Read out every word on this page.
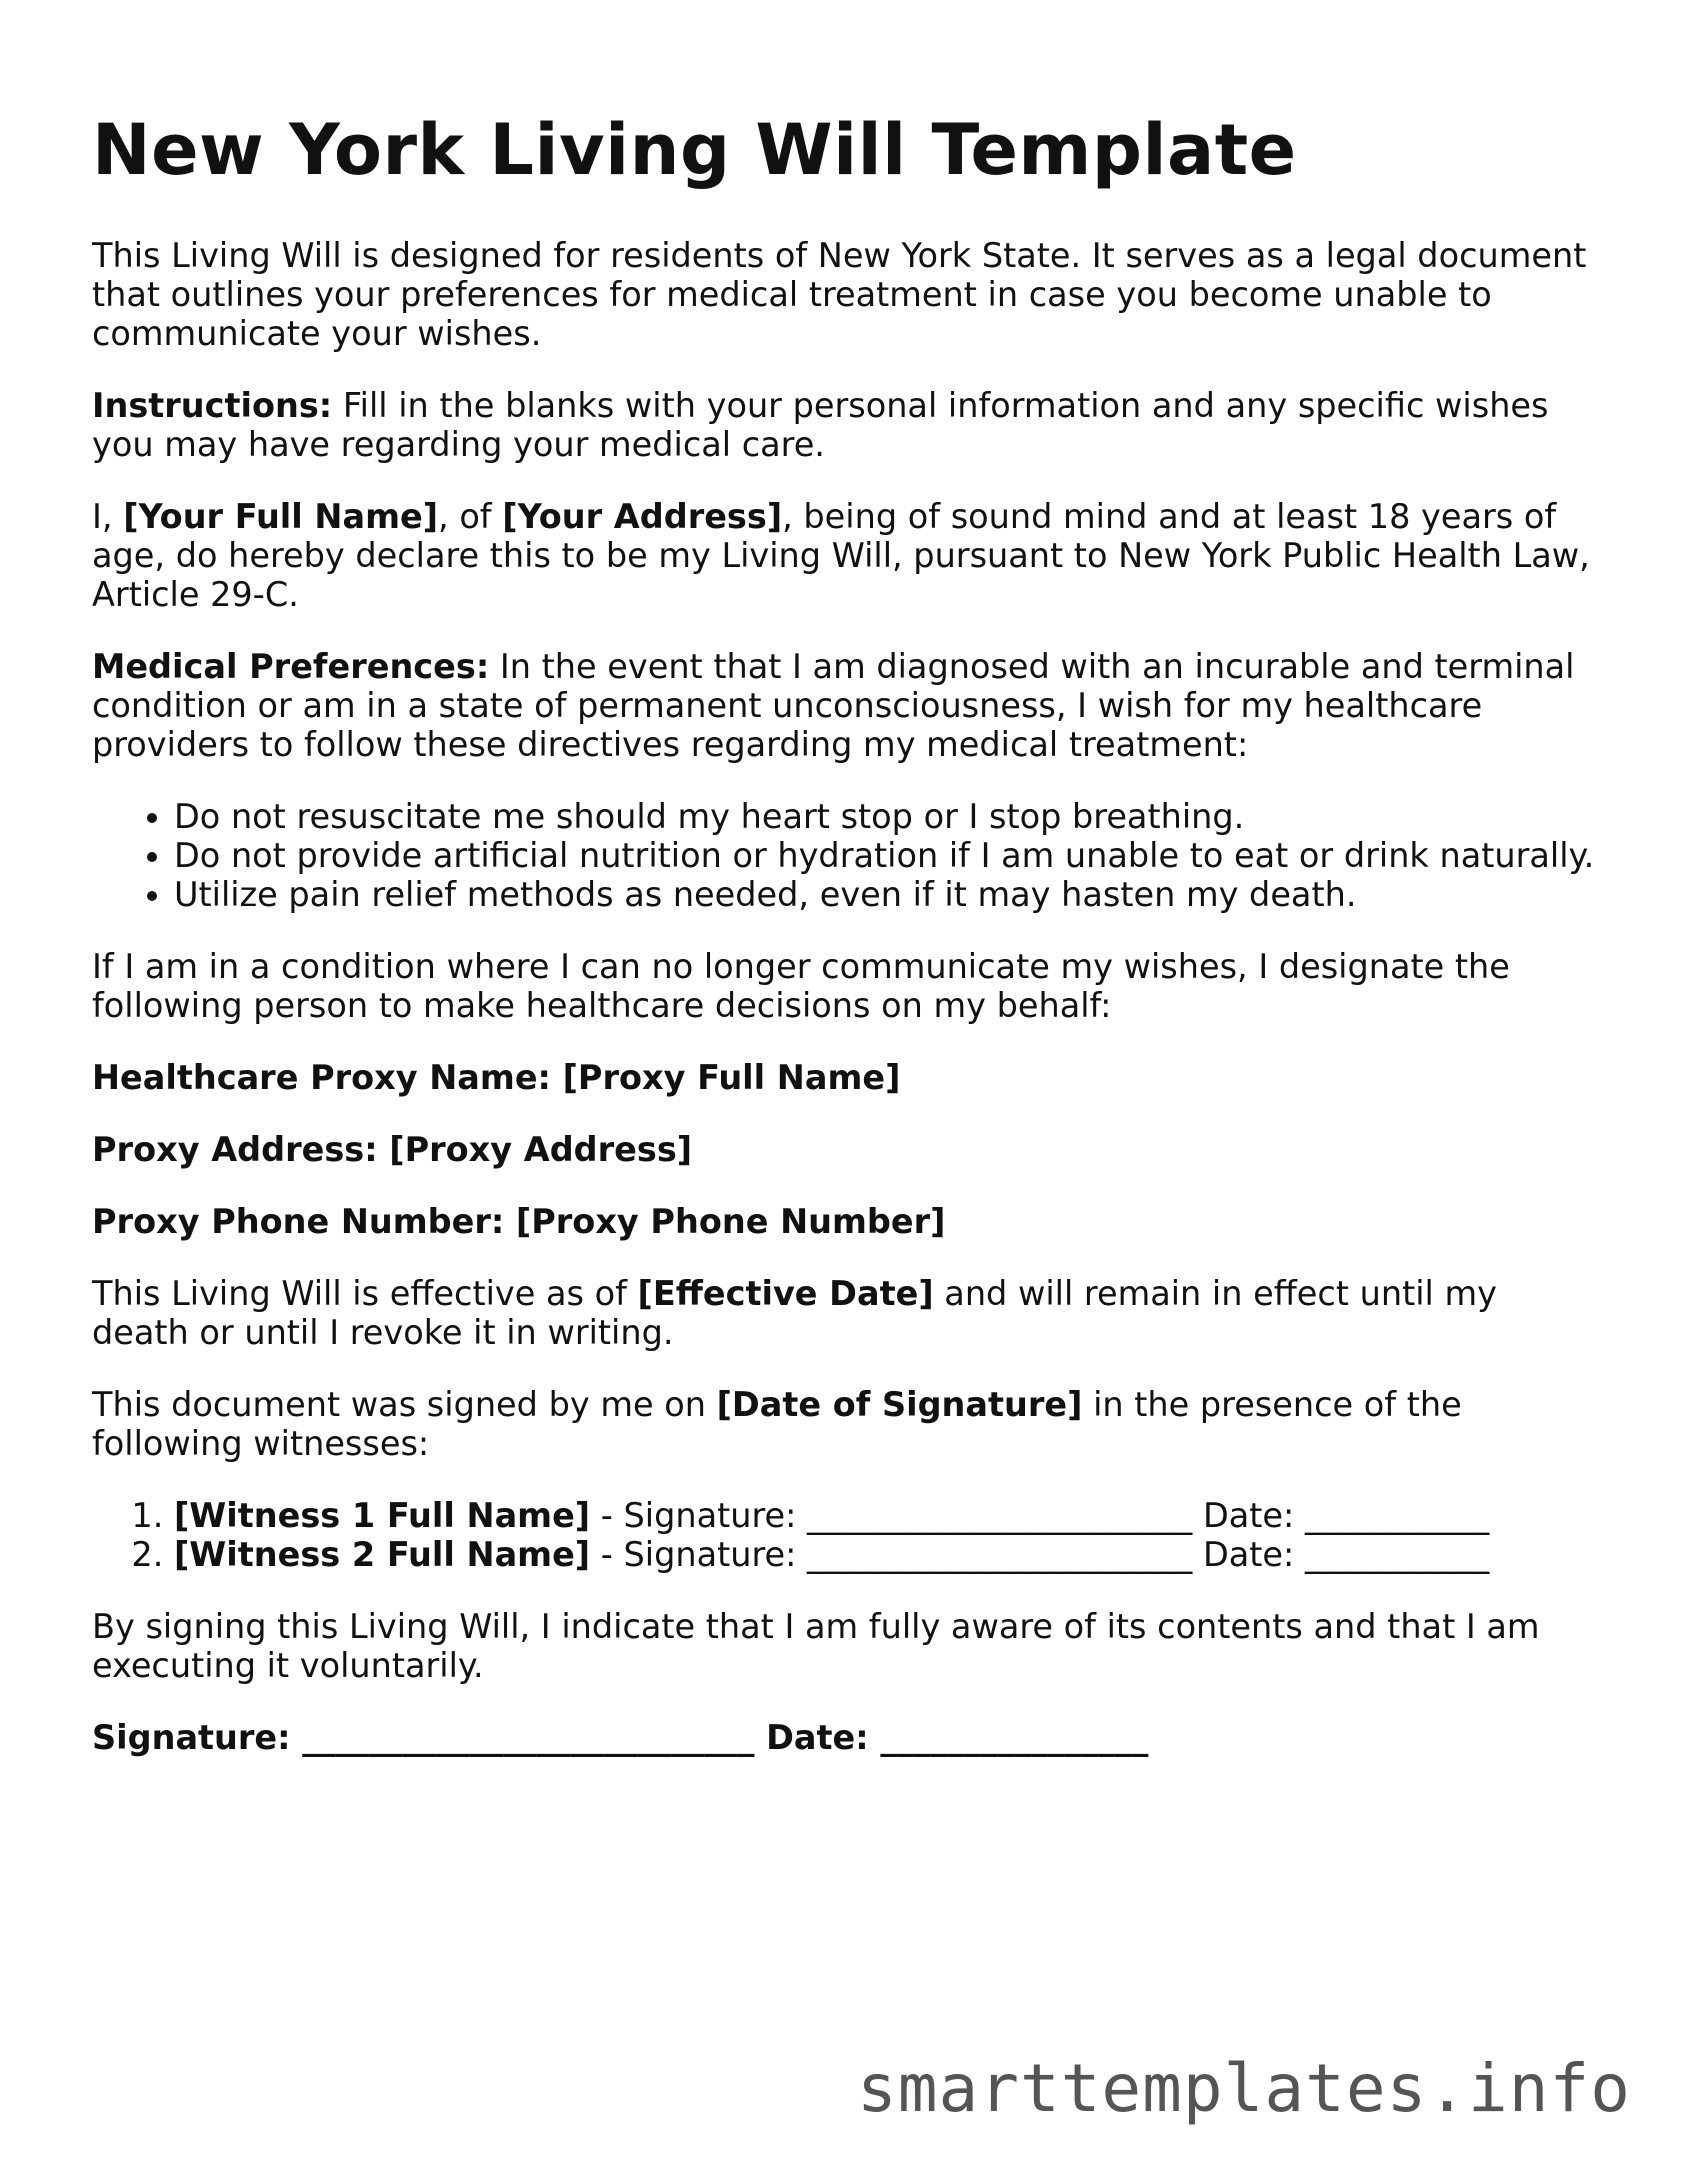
New York Living Will Template

This Living Will is designed for residents of New York State. It serves as a legal document that outlines your preferences for medical treatment in case you become unable to communicate your wishes.

Instructions: Fill in the blanks with your personal information and any specific wishes you may have regarding your medical care.

I, [Your Full Name], of [Your Address], being of sound mind and at least 18 years of age, do hereby declare this to be my Living Will, pursuant to New York Public Health Law, Article 29-C.

Medical Preferences: In the event that I am diagnosed with an incurable and terminal condition or am in a state of permanent unconsciousness, I wish for my healthcare providers to follow these directives regarding my medical treatment:

• Do not resuscitate me should my heart stop or I stop breathing.
• Do not provide artificial nutrition or hydration if I am unable to eat or drink naturally.
• Utilize pain relief methods as needed, even if it may hasten my death.

If I am in a condition where I can no longer communicate my wishes, I designate the following person to make healthcare decisions on my behalf:

Healthcare Proxy Name: [Proxy Full Name]

Proxy Address: [Proxy Address]

Proxy Phone Number: [Proxy Phone Number]

This Living Will is effective as of [Effective Date] and will remain in effect until my death or until I revoke it in writing.

This document was signed by me on [Date of Signature] in the presence of the following witnesses:

1. [Witness 1 Full Name] - Signature: _______________________ Date: ___________
2. [Witness 2 Full Name] - Signature: _______________________ Date: ___________

By signing this Living Will, I indicate that I am fully aware of its contents and that I am executing it voluntarily.

Signature: ___________________________ Date: ________________

smarttemplates.info
